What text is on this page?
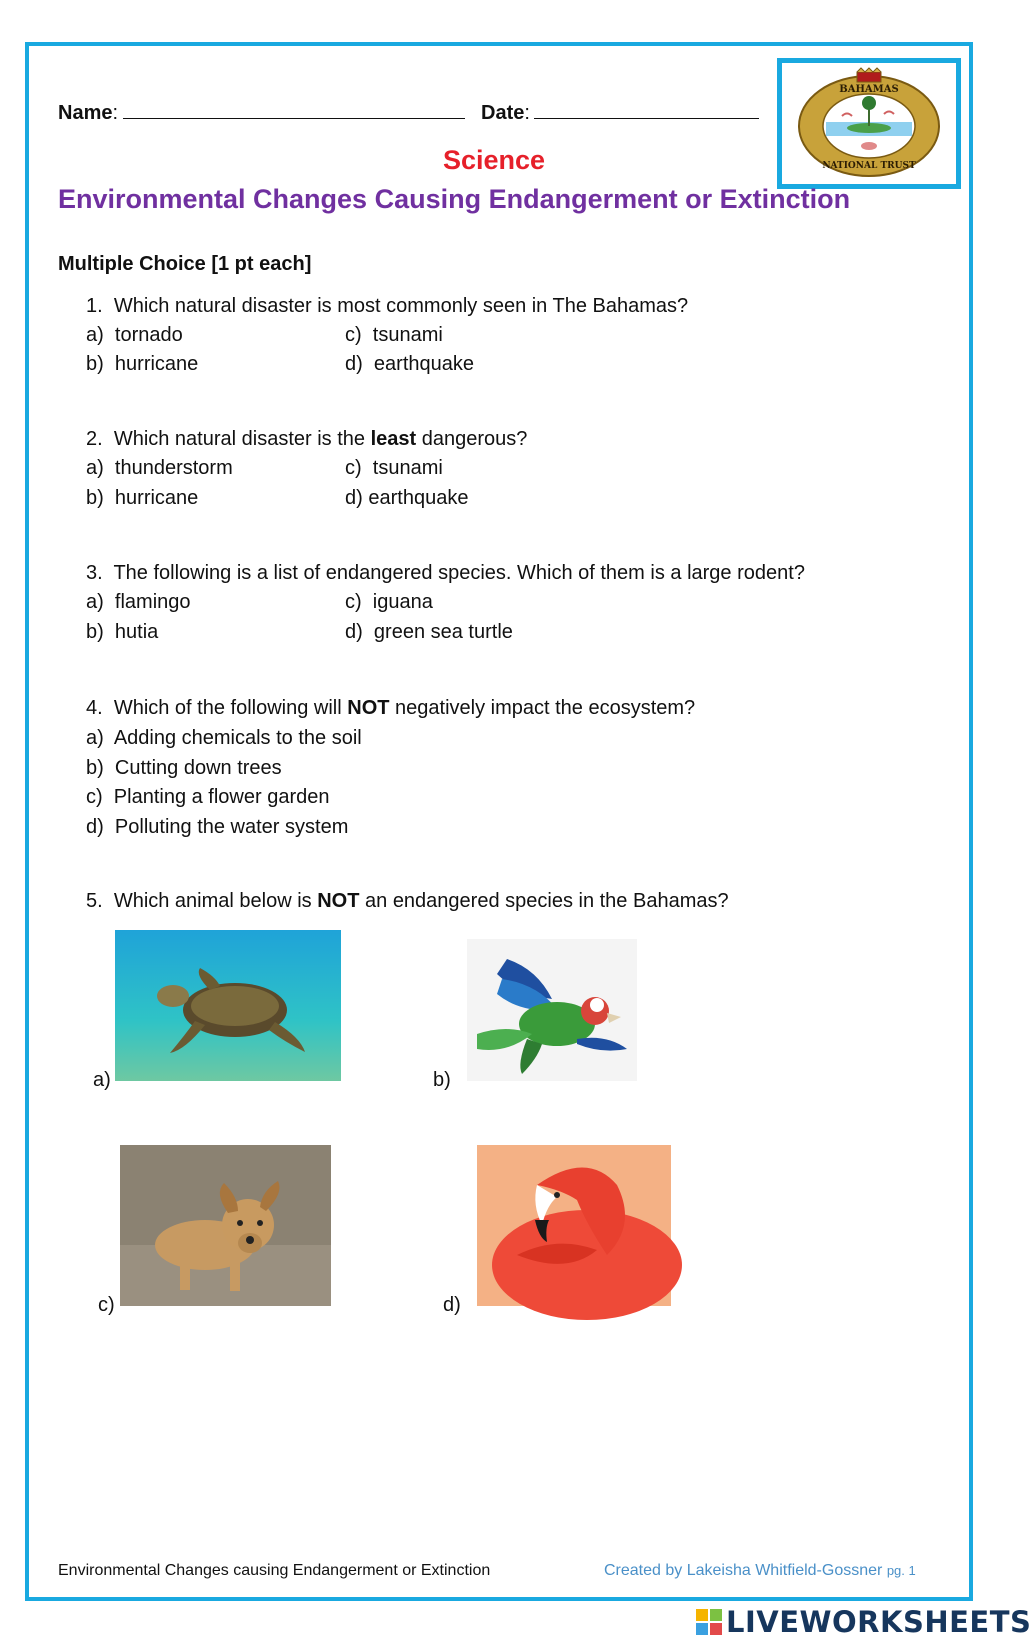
Name:	Date:
BAHAMAS
NATIONAL TRUST
Science
Environmental Changes Causing Endangerment or Extinction
Multiple Choice [1 pt each]
1. Which natural disaster is most commonly seen in The Bahamas?
a) tornado
b) hurricane
c) tsunami
d) earthquake
2. Which natural disaster is the least dangerous?
a) thunderstorm
b) hurricane
c) tsunami
d) earthquake
3. The following is a list of endangered species. Which of them is a large rodent?
a) flamingo
b) hutia
c) iguana
d) green sea turtle
4. Which of the following will NOT negatively impact the ecosystem?
a) Adding chemicals to the soil
b) Cutting down trees
c) Planting a flower garden
d) Polluting the water system
5. Which animal below is NOT an endangered species in the Bahamas?
a)	b)
c)	d)
Environmental Changes causing Endangerment or Extinction	Created by Lakeisha Whitfield-Gossner pg. 1
LIVEWORKSHEETS
